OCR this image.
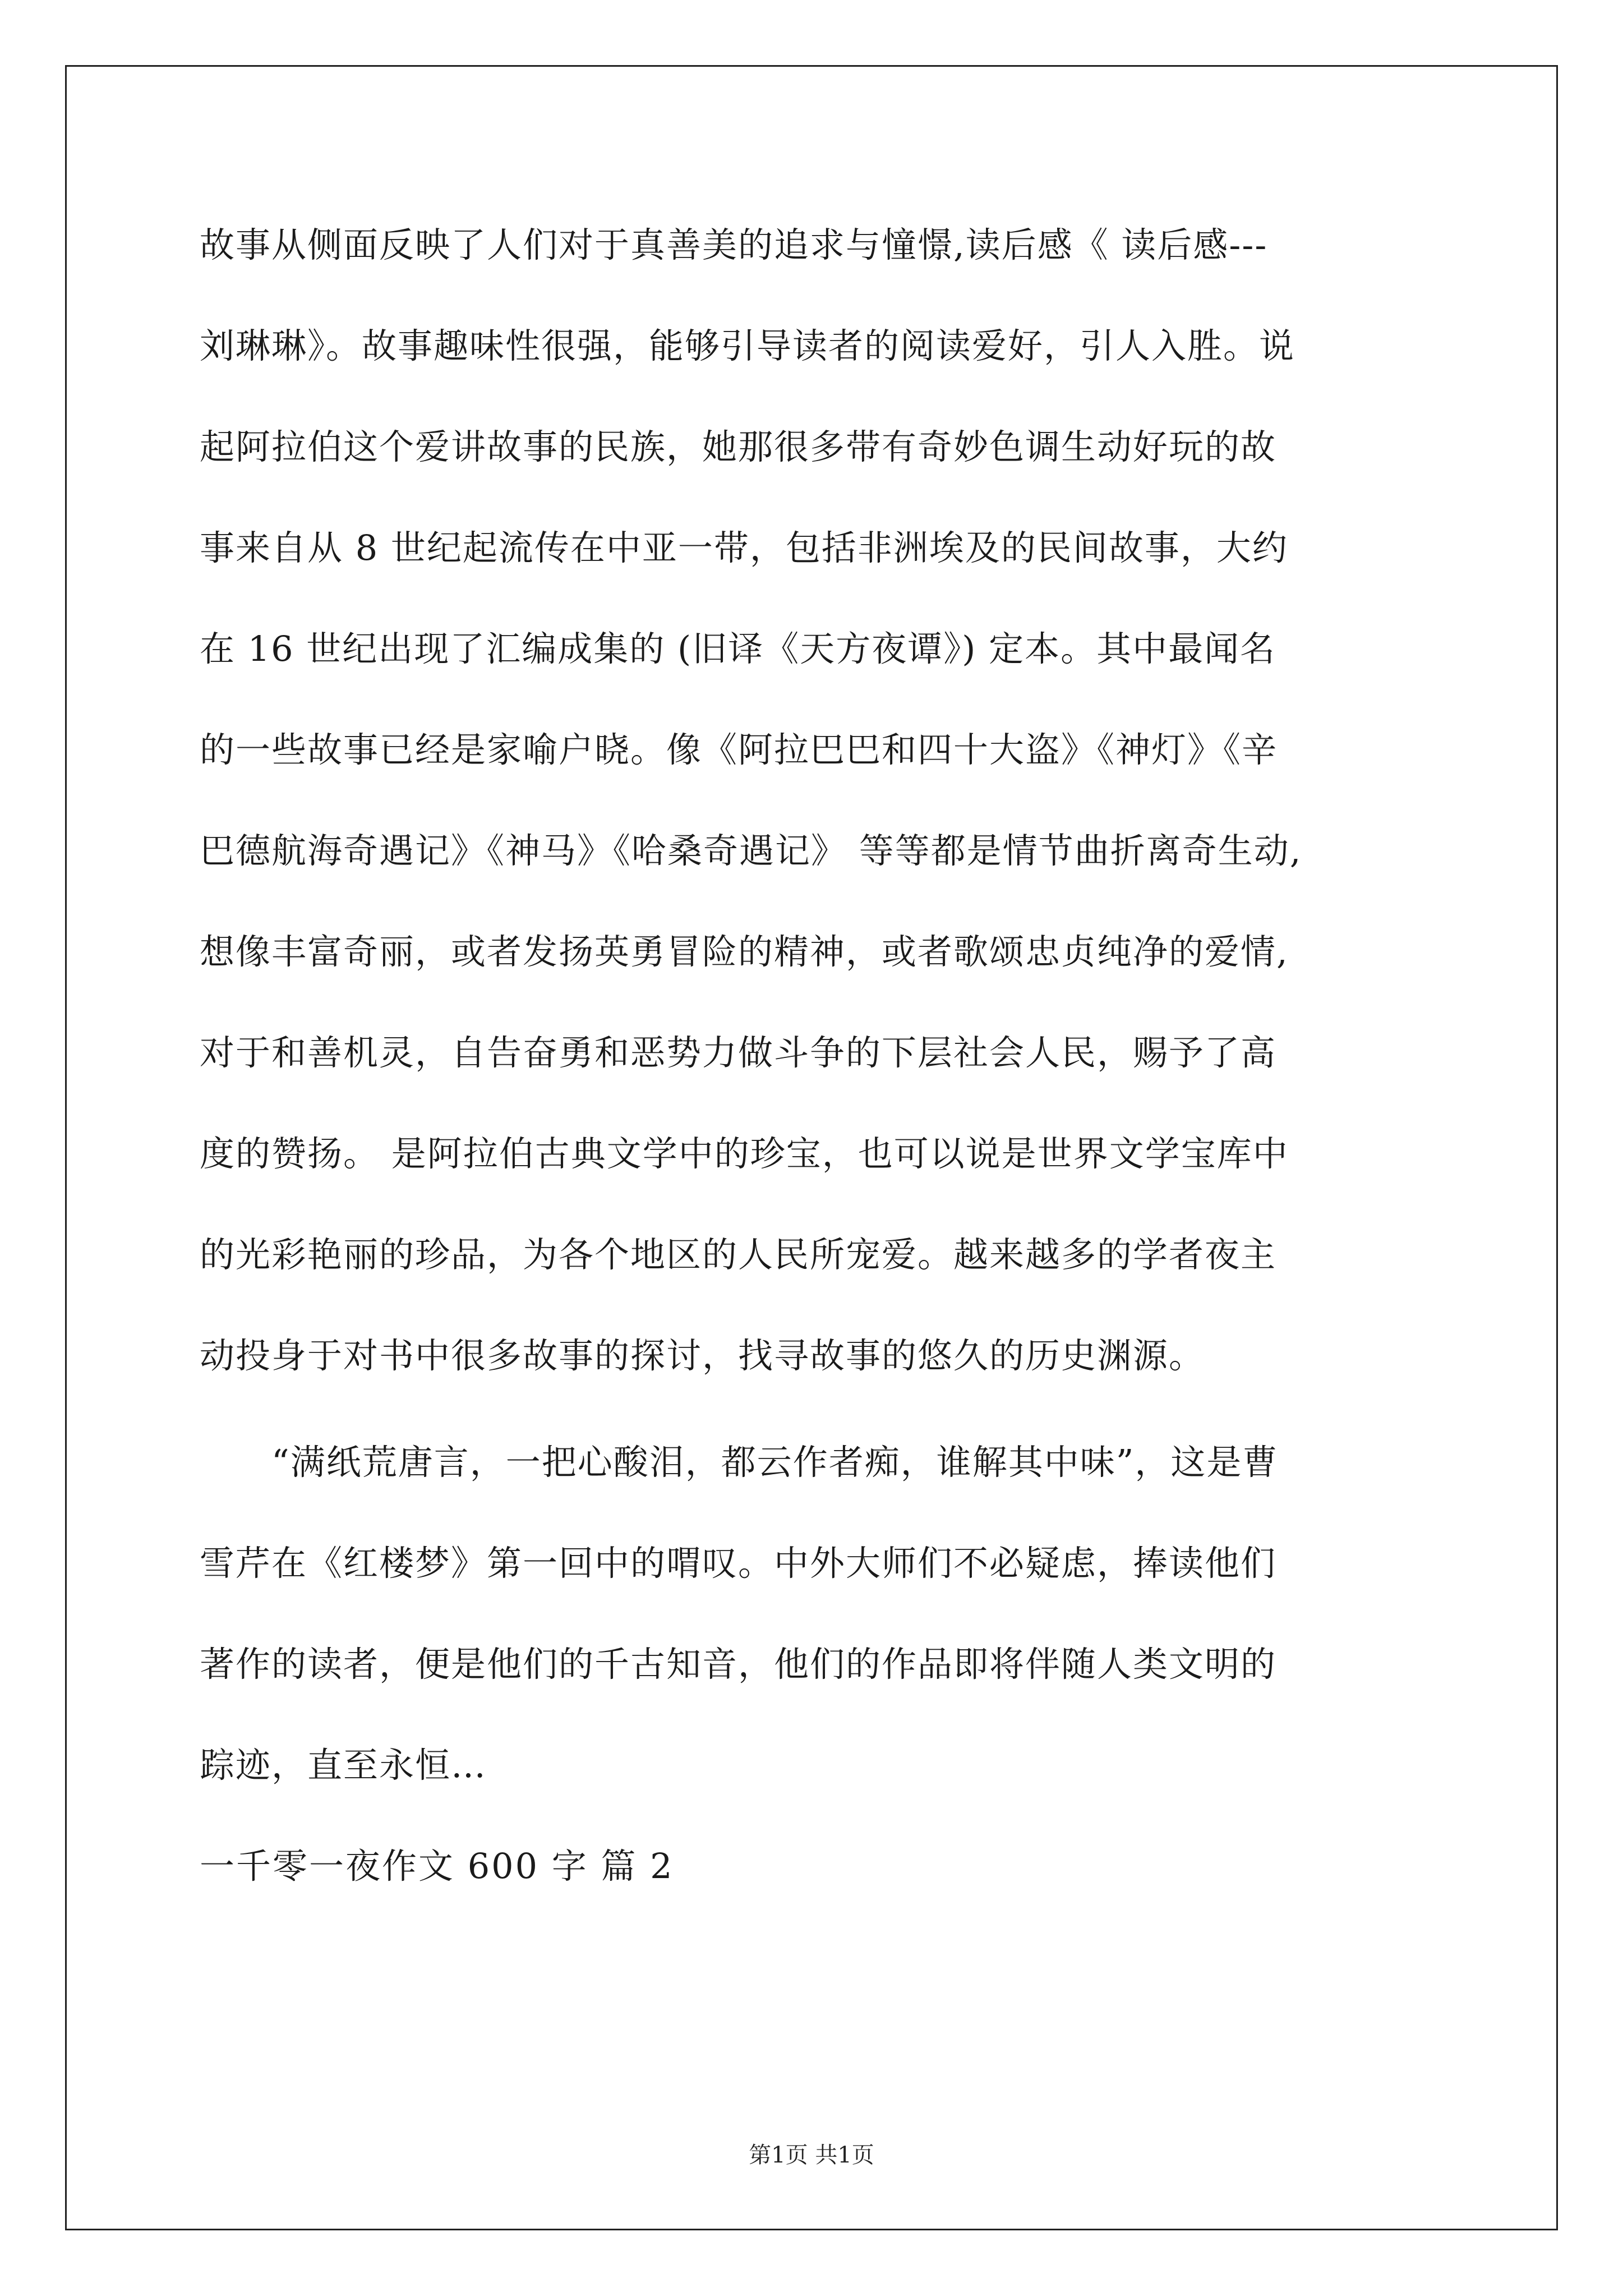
故事从侧面反映了人们对于真善美的追求与憧憬,读后感《 读后感---
刘琳琳》。故事趣味性很强，能够引导读者的阅读爱好，引人入胜。说
起阿拉伯这个爱讲故事的民族，她那很多带有奇妙色调生动好玩的故
事来自从 8 世纪起流传在中亚一带，包括非洲埃及的民间故事，大约
在 16 世纪出现了汇编成集的 (旧译《天方夜谭》) 定本。其中最闻名
的一些故事已经是家喻户晓。像《阿拉巴巴和四十大盗》《神灯》《辛
巴德航海奇遇记》《神马》《哈桑奇遇记》 等等都是情节曲折离奇生动,
想像丰富奇丽，或者发扬英勇冒险的精神，或者歌颂忠贞纯净的爱情,
对于和善机灵，自告奋勇和恶势力做斗争的下层社会人民，赐予了高
度的赞扬。 是阿拉伯古典文学中的珍宝，也可以说是世界文学宝库中
的光彩艳丽的珍品，为各个地区的人民所宠爱。越来越多的学者夜主
动投身于对书中很多故事的探讨，找寻故事的悠久的历史渊源。
“满纸荒唐言，一把心酸泪，都云作者痴，谁解其中味”，这是曹
雪芹在《红楼梦》第一回中的喟叹。中外大师们不必疑虑，捧读他们
著作的读者，便是他们的千古知音，他们的作品即将伴随人类文明的
踪迹，直至永恒…
一千零一夜作文 600 字 篇 2
第1页 共1页
